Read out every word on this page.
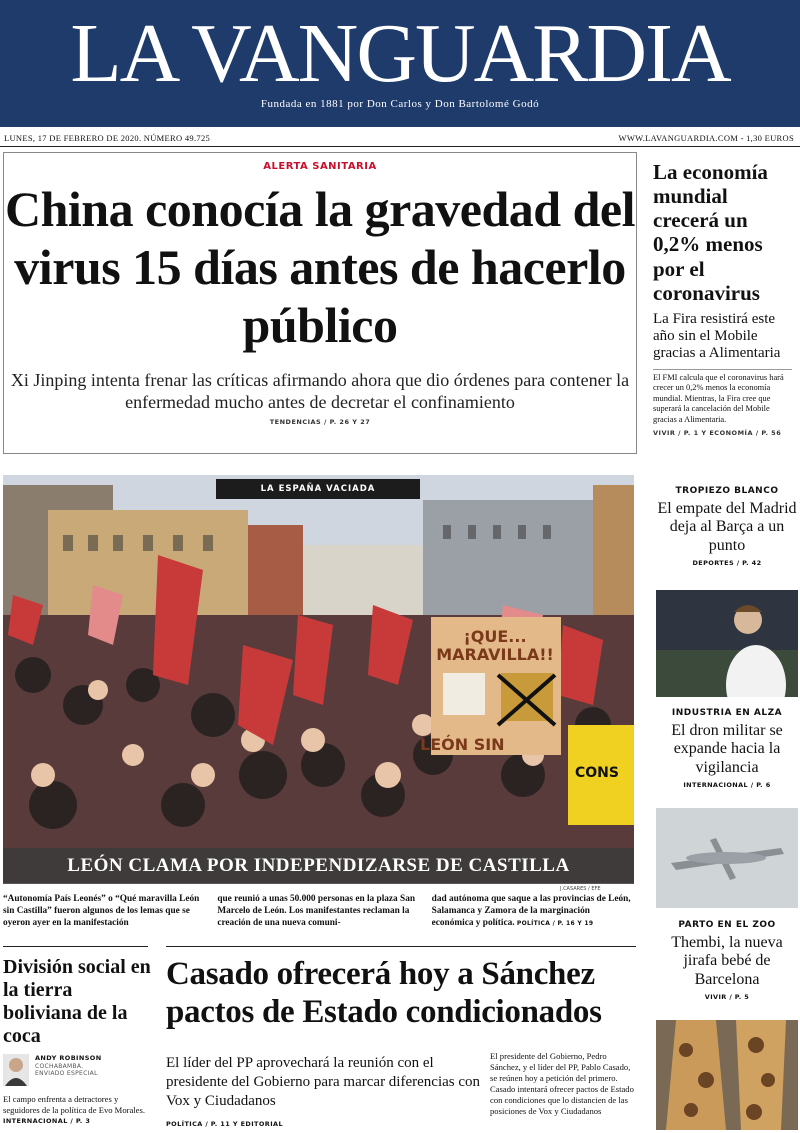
LA VANGUARDIA
Fundada en 1881 por Don Carlos y Don Bartolomé Godó
LUNES, 17 DE FEBRERO DE 2020. NÚMERO 49.725	WWW.LAVANGUARDIA.COM - 1,30 EUROS
ALERTA SANITARIA
China conocía la gravedad del virus 15 días antes de hacerlo público
Xi Jinping intenta frenar las críticas afirmando ahora que dio órdenes para contener la enfermedad mucho antes de decretar el confinamiento
TENDENCIAS / P. 26 Y 27
La economía mundial crecerá un 0,2% menos por el coronavirus
La Fira resistirá este año sin el Mobile gracias a Alimentaria

El FMI calcula que el coronavirus hará crecer un 0,2% menos la economía mundial. Mientras, la Fira cree que superará la cancelación del Mobile gracias a Alimentaria.

VIVIR / P. 1 Y ECONOMÍA / P. 56
LA ESPAÑA VACIADA
¡QUE... MARAVILLA!!
LEÓN SIN
CONS
LEÓN CLAMA POR INDEPENDIZARSE DE CASTILLA
J.CASARES / EFE

“Autonomía País Leonés” o “Qué maravilla León sin Castilla” fueron algunos de los lemas que se oyeron ayer en la manifestación

que reunió a unas 50.000 personas en la plaza San Marcelo de León. Los manifestantes reclaman la creación de una nueva comuni-

dad autónoma que saque a las provincias de León, Salamanca y Zamora de la marginación económica y política. POLÍTICA / P. 16 Y 19

TROPIEZO BLANCO
El empate del Madrid deja al Barça a un punto
DEPORTES / P. 42
INDUSTRIA EN ALZA
El dron militar se expande hacia la vigilancia
INTERNACIONAL / P. 6
PARTO EN EL ZOO
Thembi, la nueva jirafa bebé de Barcelona
VIVIR / P. 5
División social en la tierra boliviana de la coca
ANDY ROBINSON
COCHABAMBA.
ENVIADO ESPECIAL

El campo enfrenta a detractores y seguidores de la política de Evo Morales. INTERNACIONAL / P. 3

Casado ofrecerá hoy a Sánchez pactos de Estado condicionados
El líder del PP aprovechará la reunión con el presidente del Gobierno para marcar diferencias con Vox y Ciudadanos
El presidente del Gobierno, Pedro Sánchez, y el líder del PP, Pablo Casado, se reúnen hoy a petición del primero. Casado intentará ofrecer pactos de Estado con condiciones que lo distancien de las posiciones de Vox y Ciudadanos
POLÍTICA / P. 11 Y EDITORIAL
